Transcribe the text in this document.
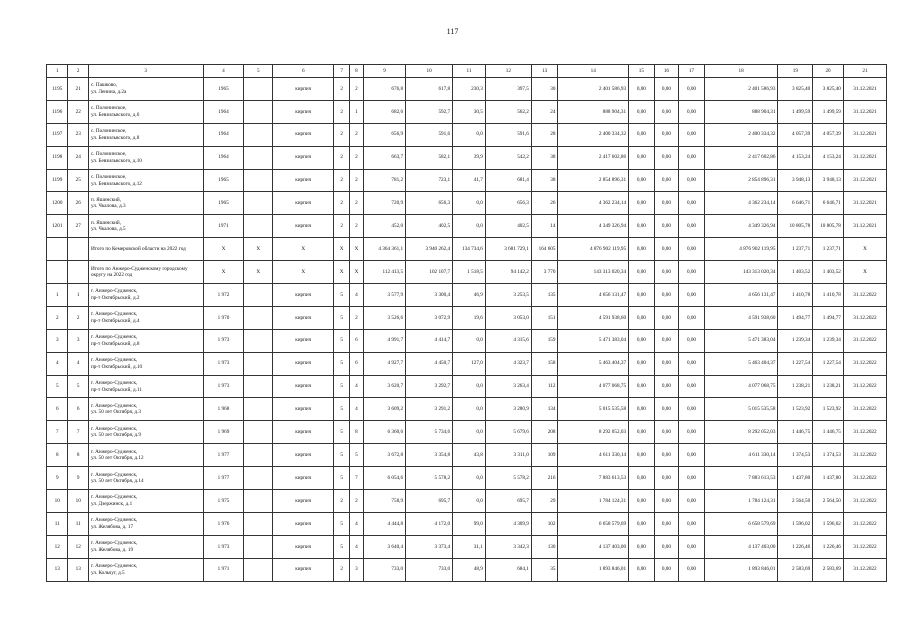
117
1	2	3	4	5	6	7	8	9	10	11	12	13	14	15	16	17	18	19	20	21
1195	21	с. Пашково,
ул. Ленина, д.2а	1965		кирпич	2	2	676,8	617,8	230,3	397,5	30	2 401 586,93	0,00	0,00	0,00	2 401 586,93	3 825,40	3 825,40	31.12.2021
1196	22	с. Полонинское,
ул. Бевзильвского, д.6	1964		кирпич	2	1	682,6	592,7	30,5	562,2	24	888 904,31	0,00	0,00	0,00	888 904,31	1 499,59	1 499,59	31.12.2021
1197	23	с. Полонинское,
ул. Бевзильвского, д.8	1964		кирпич	2	2	656,9	591,6	0,0	591,6	28	2 400 334,32	0,00	0,00	0,00	2 400 334,32	4 057,39	4 057,39	31.12.2021
1198	24	с. Полонинское,
ул. Бевзильвского, д.10	1964		кирпич	2	2	663,7	582,1	39,9	542,2	38	2 417 602,86	0,00	0,00	0,00	2 417 602,86	4 153,24	4 153,24	31.12.2021
1199	25	с. Полонинское,
ул. Бевзильвского, д.12	1965		кирпич	2	2	781,2	723,1	41,7	681,4	38	2 854 896,31	0,00	0,00	0,00	2 854 896,31	3 948,13	3 948,13	31.12.2021
1200	26	п. Яшинский,
ул. Чкалова, д.3	1965		кирпич	2	2	720,9	656,3	0,0	656,3	26	4 362 234,14	0,00	0,00	0,00	4 362 234,14	6 646,71	6 646,71	31.12.2021
1201	27	п. Яшинский,
ул. Чкалова, д.5	1971		кирпич	2	2	452,0	402,5	0,0	402,5	14	4 349 326,94	0,00	0,00	0,00	4 349 326,94	10 805,78	10 805,78	31.12.2021
		Итого по Кемеровской области на 2022 год	X	X	X	X	X	4 364 361,1	3 940 262,4	134 734,6	3 681 729,1	164 605	4 876 902 119,95	0,00	0,00	0,00	4 876 902 119,95	1 237,71	1 237,71	X
		Итого по Анжеро-Судженскому городскому округу на 2022 год	X	X	X	X	X	112 413,5	102 107,7	1 518,5	94 142,2	3 770	143 313 020,34	0,00	0,00	0,00	143 313 020,34	1 403,52	1 403,52	X
1	1	г. Анжеро-Судженск,
пр-т Октябрьский, д.2	1 972		кирпич	5	4	3 577,9	3 300,4	46,9	3 253,5	135	4 656 131,47	0,00	0,00	0,00	4 656 131,47	1 410,78	1 410,78	31.12.2022
2	2	г. Анжеро-Судженск,
пр-т Октябрьский, д.4	1 970		кирпич	5	2	3 526,6	3 072,9	19,6	3 053,0	151	4 591 938,60	0,00	0,00	0,00	4 591 938,60	1 494,77	1 494,77	31.12.2022
3	3	г. Анжеро-Судженск,
пр-т Октябрьский, д.8	1 973		кирпич	5	6	4 991,7	4 414,7	0,0	4 315,6	159	5 471 383,04	0,00	0,00	0,00	5 471 383,04	1 239,34	1 239,34	31.12.2022
4	4	г. Анжеро-Судженск,
пр-т Октябрьский, д.10	1 973		кирпич	5	6	4 927,7	4 450,7	127,0	4 323,7	158	5 463 404,37	0,00	0,00	0,00	5 463 404,37	1 227,54	1 227,54	31.12.2022
5	5	г. Анжеро-Судженск,
пр-т Октябрьский, д.11	1 973		кирпич	5	4	3 620,7	3 292,7	0,0	3 263,4	112	4 077 068,75	0,00	0,00	0,00	4 077 068,75	1 238,21	1 238,21	31.12.2022
6	6	г. Анжеро-Судженск,
ул. 50 лет Октября, д.3	1 968		кирпич	5	4	3 609,2	3 291,2	0,0	3 280,9	134	5 015 535,58	0,00	0,00	0,00	5 015 535,58	1 523,92	1 523,92	31.12.2022
7	7	г. Анжеро-Судженск,
ул. 50 лет Октября, д.9	1 969		кирпич	5	8	6 360,6	5 734,6	0,0	5 679,6	208	8 292 052,03	0,00	0,00	0,00	8 292 052,03	1 446,75	1 446,75	31.12.2022
8	8	г. Анжеро-Судженск,
ул. 50 лет Октября, д.12	1 977		кирпич	5	5	3 672,8	3 354,8	43,8	3 311,0	109	4 611 330,14	0,00	0,00	0,00	4 611 330,14	1 374,53	1 374,53	31.12.2022
9	9	г. Анжеро-Судженск,
ул. 50 лет Октября, д.14	1 977		кирпич	5	7	6 054,6	5 578,2	0,0	5 578,2	216	7 883 613,53	0,00	0,00	0,00	7 883 613,53	1 437,80	1 437,80	31.12.2022
10	10	г. Анжеро-Судженск,
ул. Дзержинск, д.1	1 975		кирпич	2	2	758,9	695,7	0,0	695,7	29	1 784 124,31	0,00	0,00	0,00	1 784 124,31	2 564,50	2 564,50	31.12.2022
11	11	г. Анжеро-Судженск,
ул. Желябова, д. 17	1 976		кирпич	5	4	4 444,8	4 172,0	99,0	4 309,9	102	6 658 579,69	0,00	0,00	0,00	6 658 579,69	1 596,02	1 596,02	31.12.2022
12	12	г. Анжеро-Судженск,
ул. Желябова, д. 19	1 973		кирпич	5	4	3 640,4	3 373,4	31,1	3 342,3	130	4 137 403,00	0,00	0,00	0,00	4 137 403,00	1 226,46	1 226,46	31.12.2022
13	13	г. Анжеро-Судженск,
ул. Кольчуг, д.5	1 971		кирпич	2	3	733,0	733,0	48,9	684,1	35	1 893 846,01	0,00	0,00	0,00	1 893 846,01	2 583,69	2 583,69	31.12.2022
